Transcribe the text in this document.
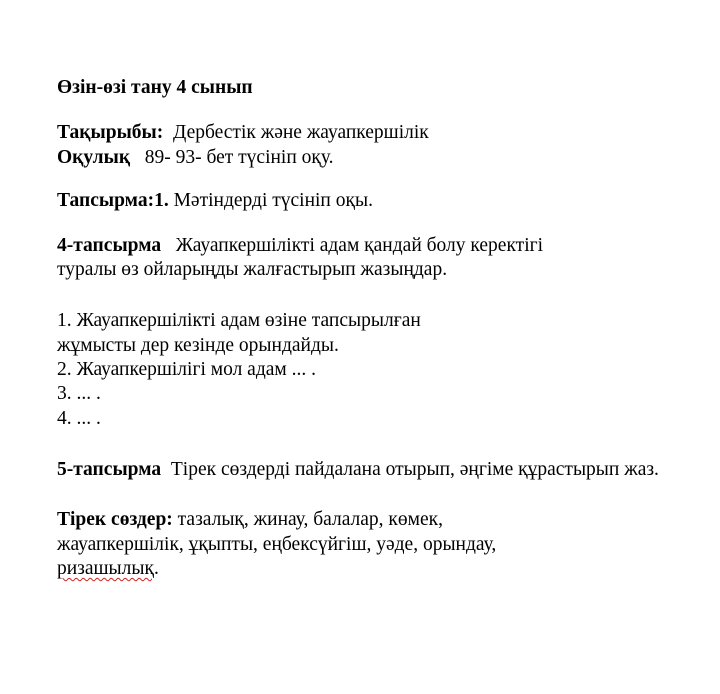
Өзін-өзі тану 4 сынып
Тақырыбы: Дербестік және жауапкершілік
Оқулық 89- 93- бет түсініп оқу.
Тапсырма:1. Мәтіндерді түсініп оқы.
4-тапсырма Жауапкершілікті адам қандай болу керектігі
туралы өз ойларыңды жалғастырып жазыңдар.
1. Жауапкершілікті адам өзіне тапсырылған
жұмысты дер кезінде орындайды.
2. Жауапкершілігі мол адам ... .
3. ... .
4. ... .
5-тапсырма Тірек сөздерді пайдалана отырып, әңгіме құрастырып жаз.
Тірек сөздер: тазалық, жинау, балалар, көмек,
жауапкершілік, ұқыпты, еңбексүйгіш, уәде, орындау,
ризашылық.
